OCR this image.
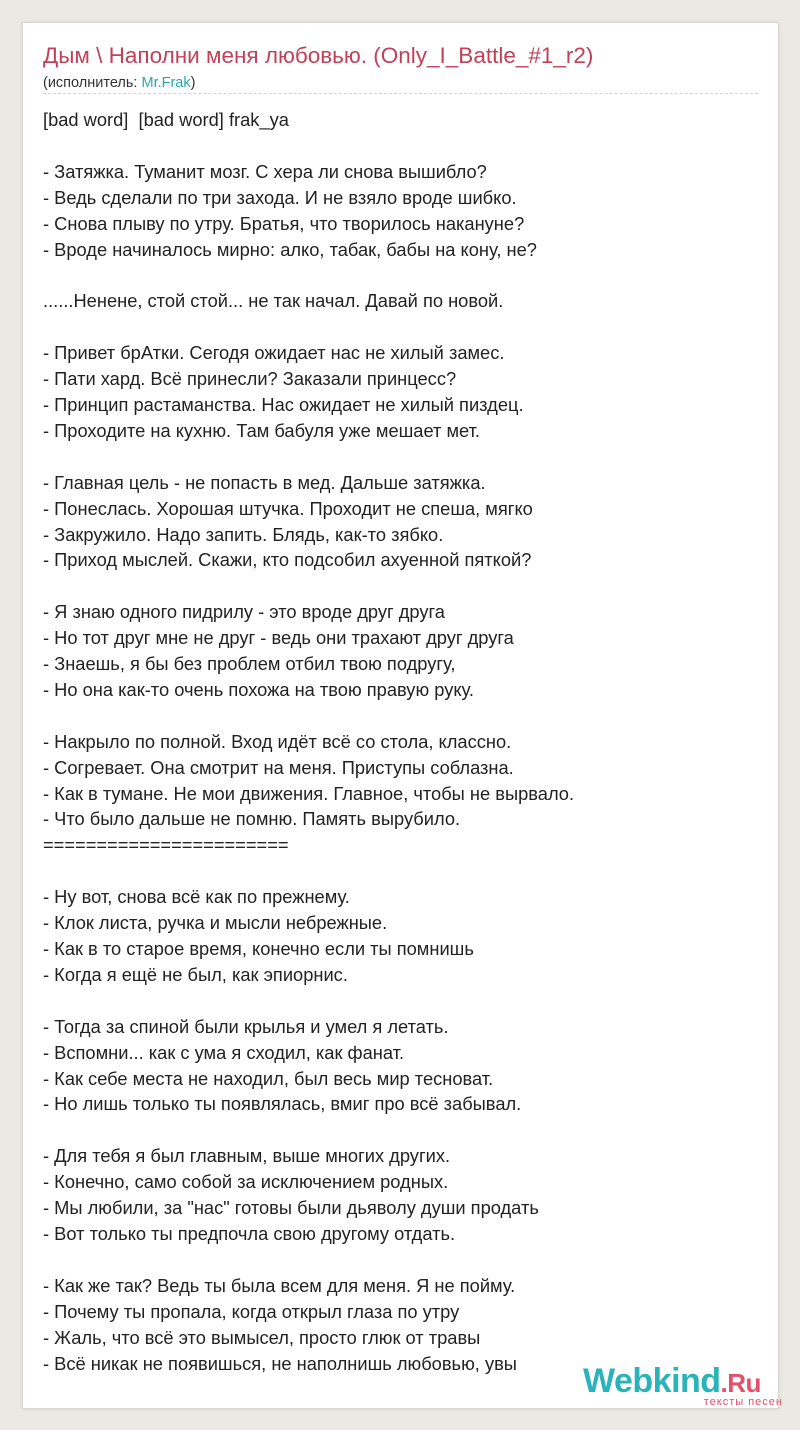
Дым \ Наполни меня любовью. (Only_I_Battle_#1_r2)
(исполнитель: Mr.Frak)
[bad word]  [bad word] frak_ya

- Затяжка. Туманит мозг. С хера ли снова вышибло?
- Ведь сделали по три захода. И не взяло вроде шибко.
- Снова плыву по утру. Братья, что творилось накануне?
- Вроде начиналось мирно: алко, табак, бабы на кону, не?

......Ненене, стой стой... не так начал. Давай по новой.

- Привет брАтки. Сегодя ожидает нас не хилый замес.
- Пати хард. Всё принесли? Заказали принцесс?
- Принцип растаманства. Нас ожидает не хилый пиздец.
- Проходите на кухню. Там бабуля уже мешает мет.

- Главная цель - не попасть в мед. Дальше затяжка.
- Понеслась. Хорошая штучка. Проходит не спеша, мягко
- Закружило. Надо запить. Блядь, как-то зябко.
- Приход мыслей. Скажи, кто подсобил ахуенной пяткой?

- Я знаю одного пидрилу - это вроде друг друга
- Но тот друг мне не друг - ведь они трахают друг друга
- Знаешь, я бы без проблем отбил твою подругу,
- Но она как-то очень похожа на твою правую руку.

- Накрыло по полной. Вход идёт всё со стола, классно.
- Согревает. Она смотрит на меня. Приступы соблазна.
- Как в тумане. Не мои движения. Главное, чтобы не вырвало.
- Что было дальше не помню. Память вырубило.
=======================

- Ну вот, снова всё как по прежнему.
- Клок листа, ручка и мысли небрежные.
- Как в то старое время, конечно если ты помнишь
- Когда я ещё не был, как эпиорнис.

- Тогда за спиной были крылья и умел я летать.
- Вспомни... как с ума я сходил, как фанат.
- Как себе места не находил, был весь мир тесноват.
- Но лишь только ты появлялась, вмиг про всё забывал.

- Для тебя я был главным, выше многих других.
- Конечно, само собой за исключением родных.
- Мы любили, за "нас" готовы были дьяволу души продать
- Вот только ты предпочла свою другому отдать.

- Как же так? Ведь ты была всем для меня. Я не пойму.
- Почему ты пропала, когда открыл глаза по утру
- Жаль, что всё это вымысел, просто глюк от травы
- Всё никак не появишься, не наполнишь любовью, увы	Webkind.Ru
тексты песен
